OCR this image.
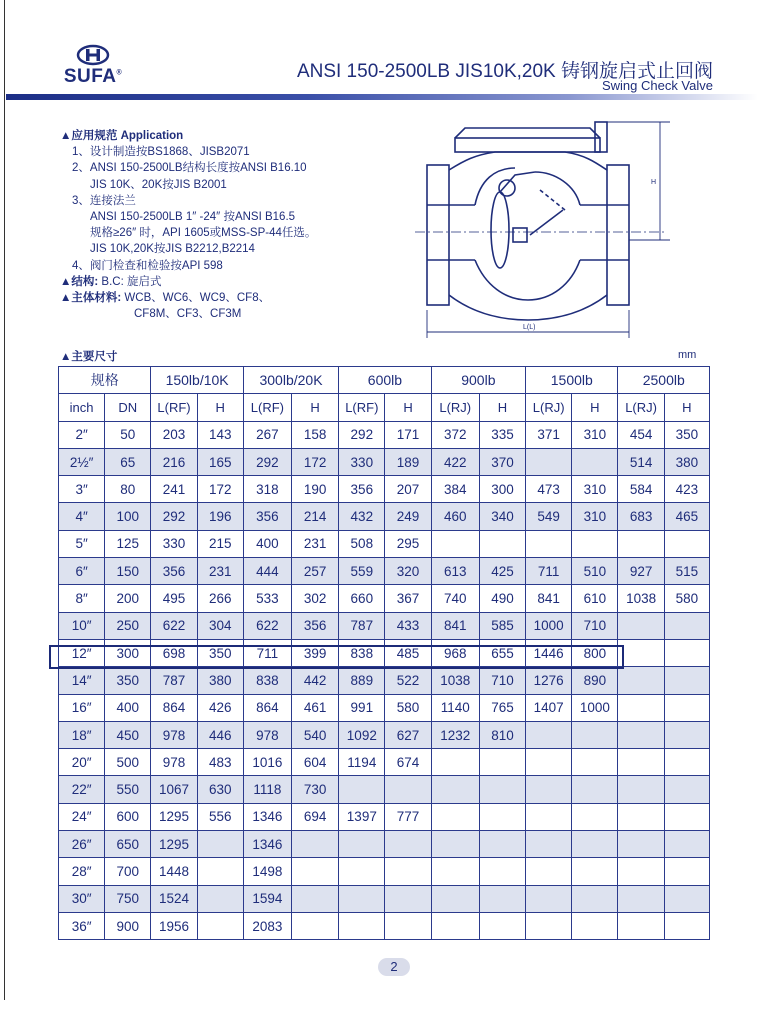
SUFA®	ANSI 150-2500LB JIS10K,20K 铸钢旋启式止回阀
Swing Check Valve
▲应用规范 Application
1、设计制造按BS1868、JISB2071
2、ANSI 150-2500LB结构长度按ANSI B16.10
JIS 10K、20K按JIS B2001
3、连接法兰
ANSI 150-2500LB 1″ -24″ 按ANSI B16.5
规格≥26″ 时，API 1605或MSS-SP-44任选。
JIS 10K,20K按JIS B2212,B2214
4、阀门检查和检验按API 598
▲结构: B.C: 旋启式
▲主体材料: WCB、WC6、WC9、CF8、
CF8M、CF3、CF3M
H
L(L)
▲主要尺寸	mm
规格		150lb/10K		300lb/20K		600lb		900lb		1500lb		2500lb	
inch	DN	L(RF)	H	L(RF)	H	L(RF)	H	L(RJ)	H	L(RJ)	H	L(RJ)	H
2″	50	203	143	267	158	292	171	372	335	371	310	454	350
2½″	65	216	165	292	172	330	189	422	370			514	380
3″	80	241	172	318	190	356	207	384	300	473	310	584	423
4″	100	292	196	356	214	432	249	460	340	549	310	683	465
5″	125	330	215	400	231	508	295						
6″	150	356	231	444	257	559	320	613	425	711	510	927	515
8″	200	495	266	533	302	660	367	740	490	841	610	1038	580
10″	250	622	304	622	356	787	433	841	585	1000	710		
12″	300	698	350	711	399	838	485	968	655	1446	800		
14″	350	787	380	838	442	889	522	1038	710	1276	890		
16″	400	864	426	864	461	991	580	1140	765	1407	1000		
18″	450	978	446	978	540	1092	627	1232	810				
20″	500	978	483	1016	604	1194	674						
22″	550	1067	630	1118	730								
24″	600	1295	556	1346	694	1397	777						
26″	650	1295		1346									
28″	700	1448		1498									
30″	750	1524		1594									
36″	900	1956		2083									
2
